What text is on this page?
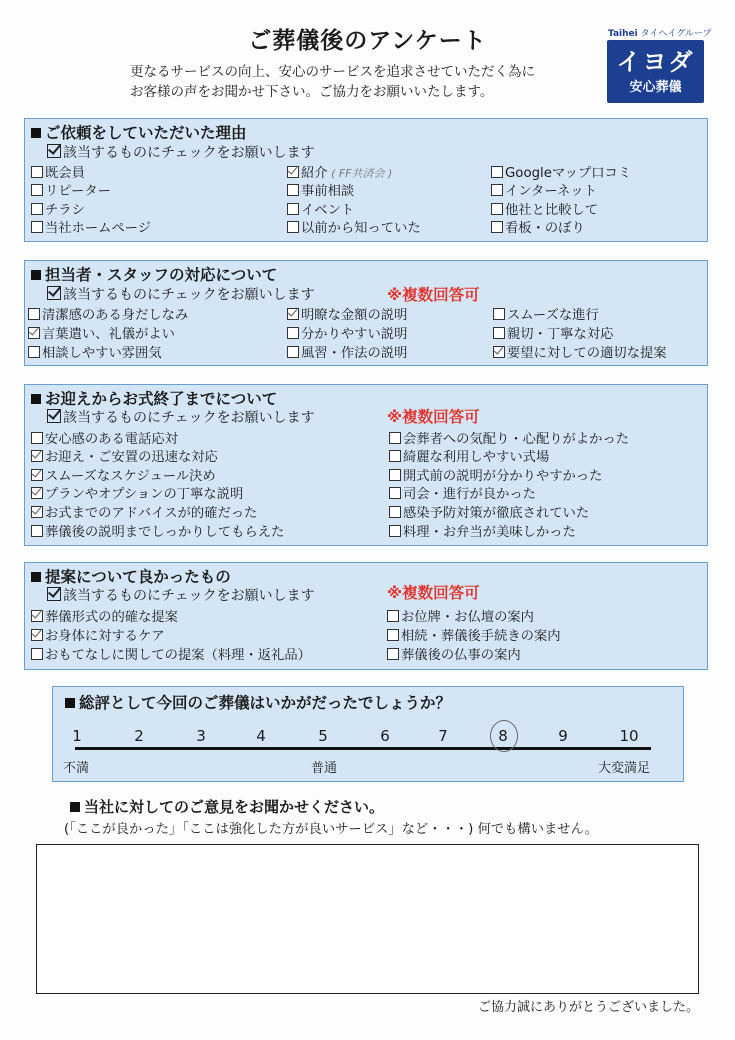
ご葬儀後のアンケート
更なるサービスの向上、安心のサービスを追求させていただく為に
お客様の声をお聞かせ下さい。ご協力をお願いいたします。
Taihei タイヘイグループ
イヨダ
安心葬儀
ご依頼をしていただいた理由
該当するものにチェックをお願いします
既会員	紹介 ( FF共済会 )	Googleマップ口コミ
リピーター	事前相談	インターネット
チラシ	イベント	他社と比較して
当社ホームページ	以前から知っていた	看板・のぼり
担当者・スタッフの対応について
該当するものにチェックをお願いします	※複数回答可
清潔感のある身だしなみ	明瞭な金額の説明	スムーズな進行
言葉遣い、礼儀がよい	分かりやすい説明	親切・丁寧な対応
相談しやすい雰囲気	風習・作法の説明	要望に対しての適切な提案
お迎えからお式終了までについて
該当するものにチェックをお願いします	※複数回答可
安心感のある電話応対	会葬者への気配り・心配りがよかった
お迎え・ご安置の迅速な対応	綺麗な利用しやすい式場
スムーズなスケジュール決め	開式前の説明が分かりやすかった
プランやオプションの丁寧な説明	司会・進行が良かった
お式までのアドバイスが的確だった	感染予防対策が徹底されていた
葬儀後の説明までしっかりしてもらえた	料理・お弁当が美味しかった
提案について良かったもの
該当するものにチェックをお願いします	※複数回答可
葬儀形式の的確な提案	お位牌・お仏壇の案内
お身体に対するケア	相続・葬儀後手続きの案内
おもてなしに関しての提案（料理・返礼品）	葬儀後の仏事の案内
総評として今回のご葬儀はいかがだったでしょうか？
1	2	3	4	5	6	7	8	9	10
不満	普通	大変満足
当社に対してのご意見をお聞かせください。
(「ここが良かった」「ここは強化した方が良いサービス」など・・・) 何でも構いません。
ご協力誠にありがとうございました。
